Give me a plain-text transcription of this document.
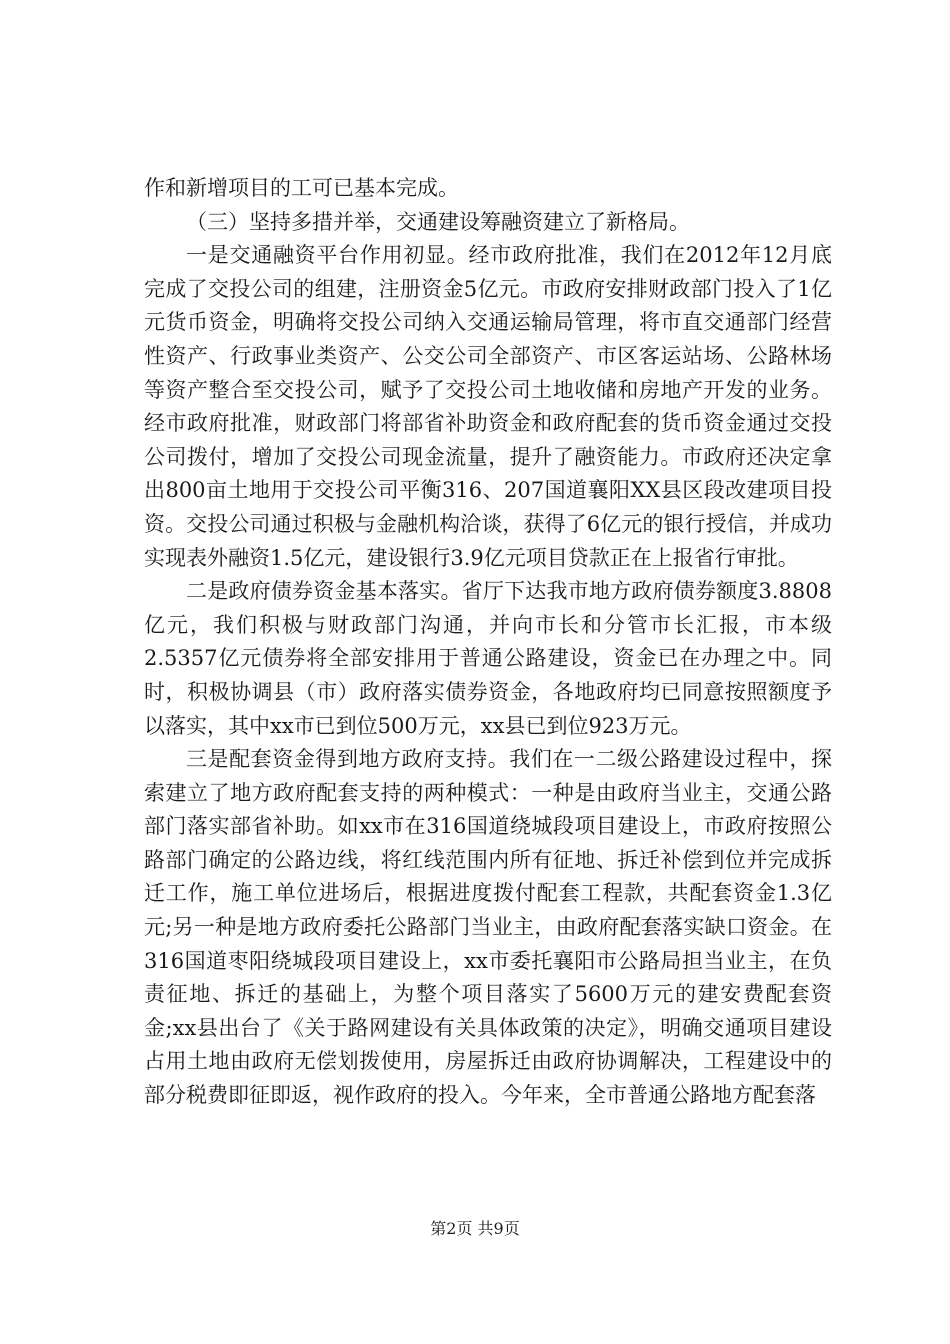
作和新增项目的工可已基本完成。

（三）坚持多措并举，交通建设筹融资建立了新格局。

一是交通融资平台作用初显。经市政府批准，我们在2012年12月底完成了交投公司的组建，注册资金5亿元。市政府安排财政部门投入了1亿元货币资金，明确将交投公司纳入交通运输局管理，将市直交通部门经营性资产、行政事业类资产、公交公司全部资产、市区客运站场、公路林场等资产整合至交投公司，赋予了交投公司土地收储和房地产开发的业务。经市政府批准，财政部门将部省补助资金和政府配套的货币资金通过交投公司拨付，增加了交投公司现金流量，提升了融资能力。市政府还决定拿出800亩土地用于交投公司平衡316、207国道襄阳XX县区段改建项目投资。交投公司通过积极与金融机构洽谈，获得了6亿元的银行授信，并成功实现表外融资1.5亿元，建设银行3.9亿元项目贷款正在上报省行审批。

二是政府债券资金基本落实。省厅下达我市地方政府债券额度3.8808亿元，我们积极与财政部门沟通，并向市长和分管市长汇报，市本级2.5357亿元债券将全部安排用于普通公路建设，资金已在办理之中。同时，积极协调县（市）政府落实债券资金，各地政府均已同意按照额度予以落实，其中xx市已到位500万元，xx县已到位923万元。

三是配套资金得到地方政府支持。我们在一二级公路建设过程中，探索建立了地方政府配套支持的两种模式：一种是由政府当业主，交通公路部门落实部省补助。如xx市在316国道绕城段项目建设上，市政府按照公路部门确定的公路边线，将红线范围内所有征地、拆迁补偿到位并完成拆迁工作，施工单位进场后，根据进度拨付配套工程款，共配套资金1.3亿元;另一种是地方政府委托公路部门当业主，由政府配套落实缺口资金。在316国道枣阳绕城段项目建设上，xx市委托襄阳市公路局担当业主，在负责征地、拆迁的基础上，为整个项目落实了5600万元的建安费配套资金;xx县出台了《关于路网建设有关具体政策的决定》，明确交通项目建设占用土地由政府无偿划拨使用，房屋拆迁由政府协调解决，工程建设中的部分税费即征即返，视作政府的投入。今年来，全市普通公路地方配套落

第2页 共9页
